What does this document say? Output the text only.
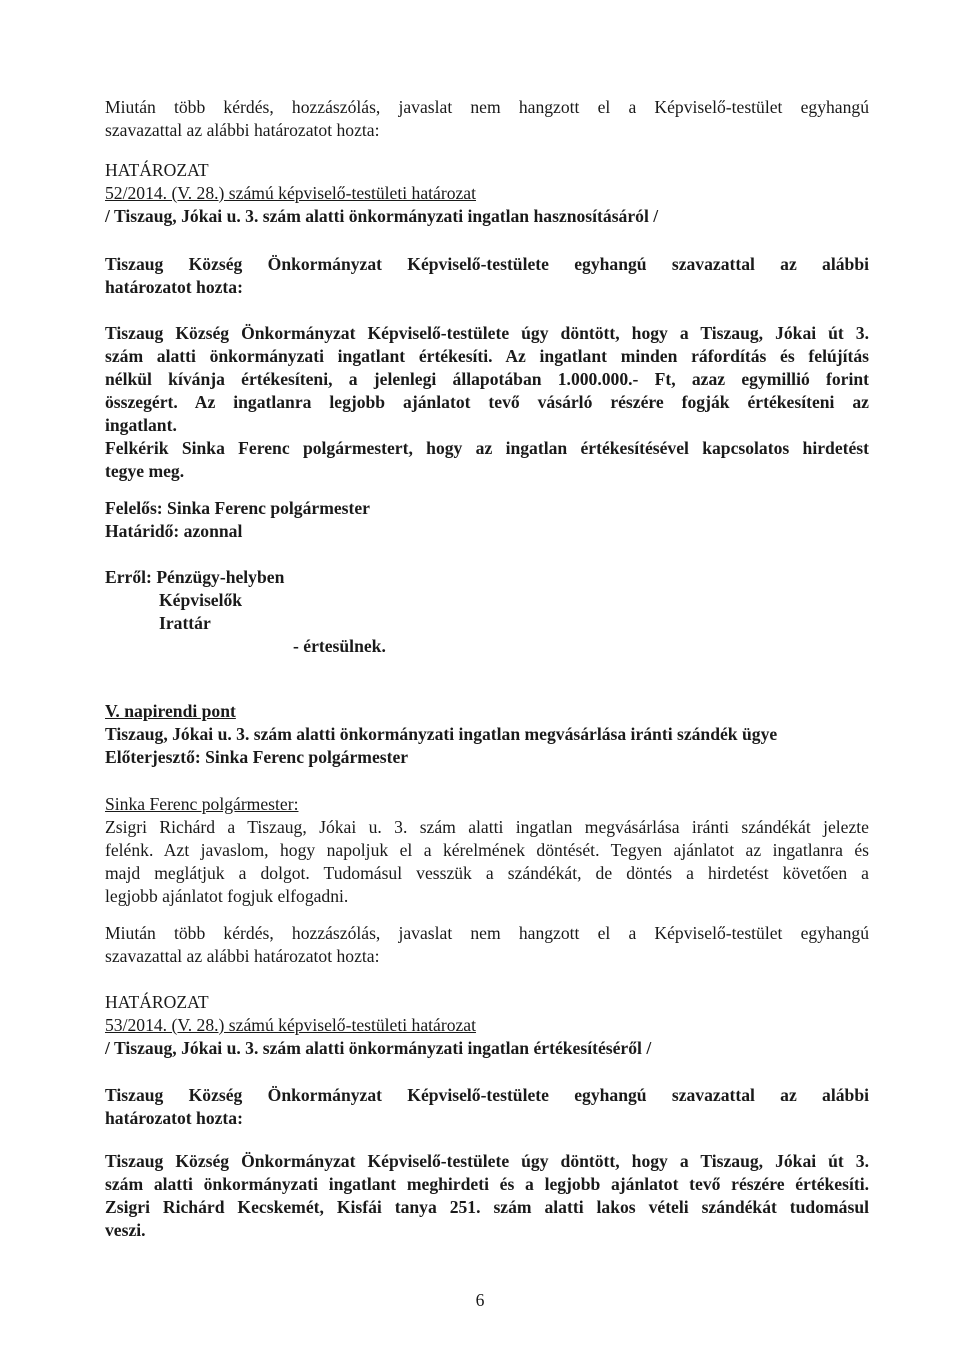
Miután több kérdés, hozzászólás, javaslat nem hangzott el a Képviselő-testület egyhangú
szavazattal az alábbi határozatot hozta:
HATÁROZAT
52/2014. (V. 28.) számú képviselő-testületi határozat
/ Tiszaug, Jókai u. 3. szám alatti önkormányzati ingatlan hasznosításáról /
Tiszaug Község Önkormányzat Képviselő-testülete egyhangú szavazattal az alábbi
határozatot hozta:
Tiszaug Község Önkormányzat Képviselő-testülete úgy döntött, hogy a Tiszaug, Jókai út 3.
szám alatti önkormányzati ingatlant értékesíti. Az ingatlant minden ráfordítás és felújítás
nélkül kívánja értékesíteni, a jelenlegi állapotában 1.000.000.- Ft, azaz egymillió forint
összegért. Az ingatlanra legjobb ajánlatot tevő vásárló részére fogják értékesíteni az
ingatlant.
Felkérik Sinka Ferenc polgármestert, hogy az ingatlan értékesítésével kapcsolatos hirdetést
tegye meg.
Felelős: Sinka Ferenc polgármester
Határidő: azonnal
Erről: Pénzügy-helyben
Képviselők
Irattár
- értesülnek.
V. napirendi pont
Tiszaug, Jókai u. 3. szám alatti önkormányzati ingatlan megvásárlása iránti szándék ügye
Előterjesztő: Sinka Ferenc polgármester
Sinka Ferenc polgármester:
Zsigri Richárd a Tiszaug, Jókai u. 3. szám alatti ingatlan megvásárlása iránti szándékát jelezte
felénk. Azt javaslom, hogy napoljuk el a kérelmének döntését. Tegyen ajánlatot az ingatlanra és
majd meglátjuk a dolgot. Tudomásul vesszük a szándékát, de döntés a hirdetést követően a
legjobb ajánlatot fogjuk elfogadni.
Miután több kérdés, hozzászólás, javaslat nem hangzott el a Képviselő-testület egyhangú
szavazattal az alábbi határozatot hozta:
HATÁROZAT
53/2014. (V. 28.) számú képviselő-testületi határozat
/ Tiszaug, Jókai u. 3. szám alatti önkormányzati ingatlan értékesítéséről /
Tiszaug Község Önkormányzat Képviselő-testülete egyhangú szavazattal az alábbi
határozatot hozta:
Tiszaug Község Önkormányzat Képviselő-testülete úgy döntött, hogy a Tiszaug, Jókai út 3.
szám alatti önkormányzati ingatlant meghirdeti és a legjobb ajánlatot tevő részére értékesíti.
Zsigri Richárd Kecskemét, Kisfái tanya 251. szám alatti lakos vételi szándékát tudomásul
veszi.
6
